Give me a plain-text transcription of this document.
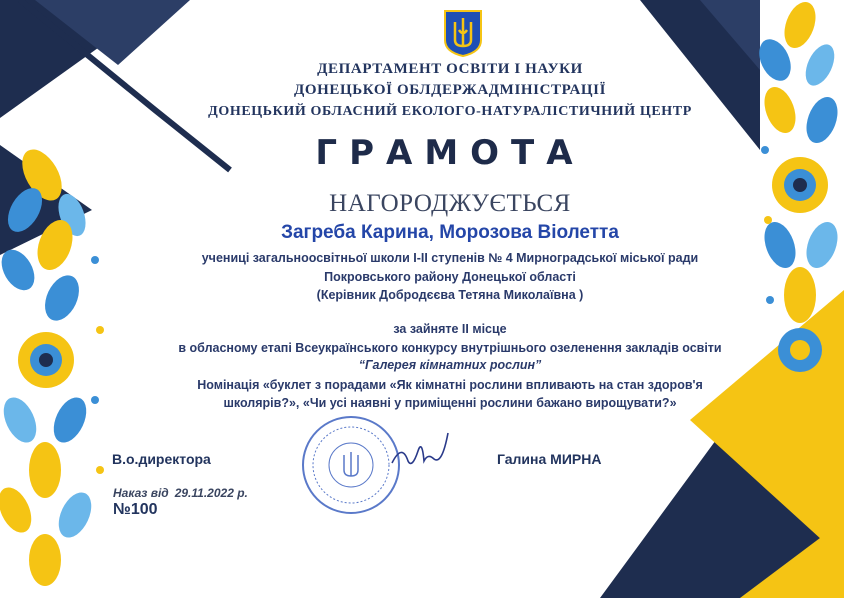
ДЕПАРТАМЕНТ ОСВІТИ І НАУКИ
ДОНЕЦЬКОЇ ОБЛДЕРЖАДМІНІСТРАЦІЇ
ДОНЕЦЬКИЙ ОБЛАСНИЙ ЕКОЛОГО-НАТУРАЛІСТИЧНИЙ ЦЕНТР
ГРАМОТА
НАГОРОДЖУЄТЬСЯ
Загреба Карина, Морозова Віолетта
учениці загальноосвітньої школи І-ІІ ступенів № 4 Мирноградської міської ради
Покровського району Донецької області
(Керівник Добродєєва Тетяна Миколаївна )
за зайняте ІІ місце
в обласному етапі Всеукраїнського конкурсу внутрішнього озеленення закладів освіти
“Галерея кімнатних рослин”
Номінація «буклет з порадами «Як кімнатні рослини впливають на стан здоров'я
школярів?», «Чи усі наявні у приміщенні рослини бажано вирощувати?»
В.о.директора	Галина МИРНА
Наказ від 29.11.2022 р.
№100
